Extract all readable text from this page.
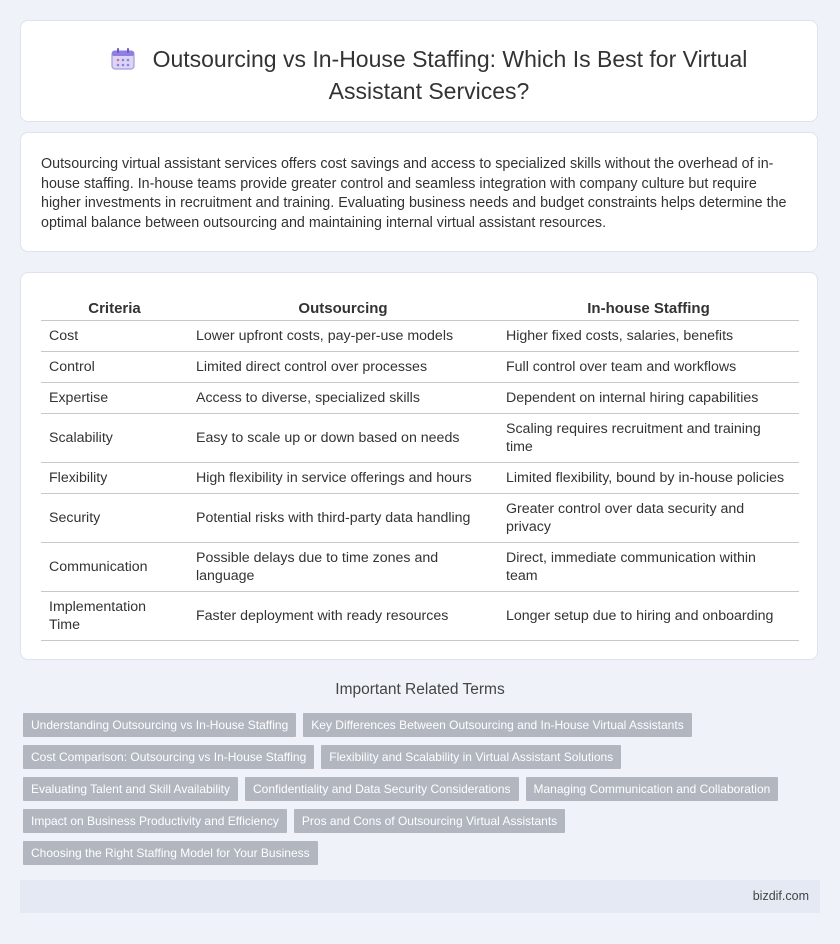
Outsourcing vs In-House Staffing: Which Is Best for Virtual Assistant Services?
Outsourcing virtual assistant services offers cost savings and access to specialized skills without the overhead of in-house staffing. In-house teams provide greater control and seamless integration with company culture but require higher investments in recruitment and training. Evaluating business needs and budget constraints helps determine the optimal balance between outsourcing and maintaining internal virtual assistant resources.
Criteria	Outsourcing	In-house Staffing
Cost	Lower upfront costs, pay-per-use models	Higher fixed costs, salaries, benefits
Control	Limited direct control over processes	Full control over team and workflows
Expertise	Access to diverse, specialized skills	Dependent on internal hiring capabilities
Scalability	Easy to scale up or down based on needs	Scaling requires recruitment and training time
Flexibility	High flexibility in service offerings and hours	Limited flexibility, bound by in-house policies
Security	Potential risks with third-party data handling	Greater control over data security and privacy
Communication	Possible delays due to time zones and language	Direct, immediate communication within team
Implementation Time	Faster deployment with ready resources	Longer setup due to hiring and onboarding
Important Related Terms
Understanding Outsourcing vs In-House Staffing	Key Differences Between Outsourcing and In-House Virtual Assistants
Cost Comparison: Outsourcing vs In-House Staffing	Flexibility and Scalability in Virtual Assistant Solutions
Evaluating Talent and Skill Availability	Confidentiality and Data Security Considerations	Managing Communication and Collaboration
Impact on Business Productivity and Efficiency	Pros and Cons of Outsourcing Virtual Assistants
Choosing the Right Staffing Model for Your Business
bizdif.com
